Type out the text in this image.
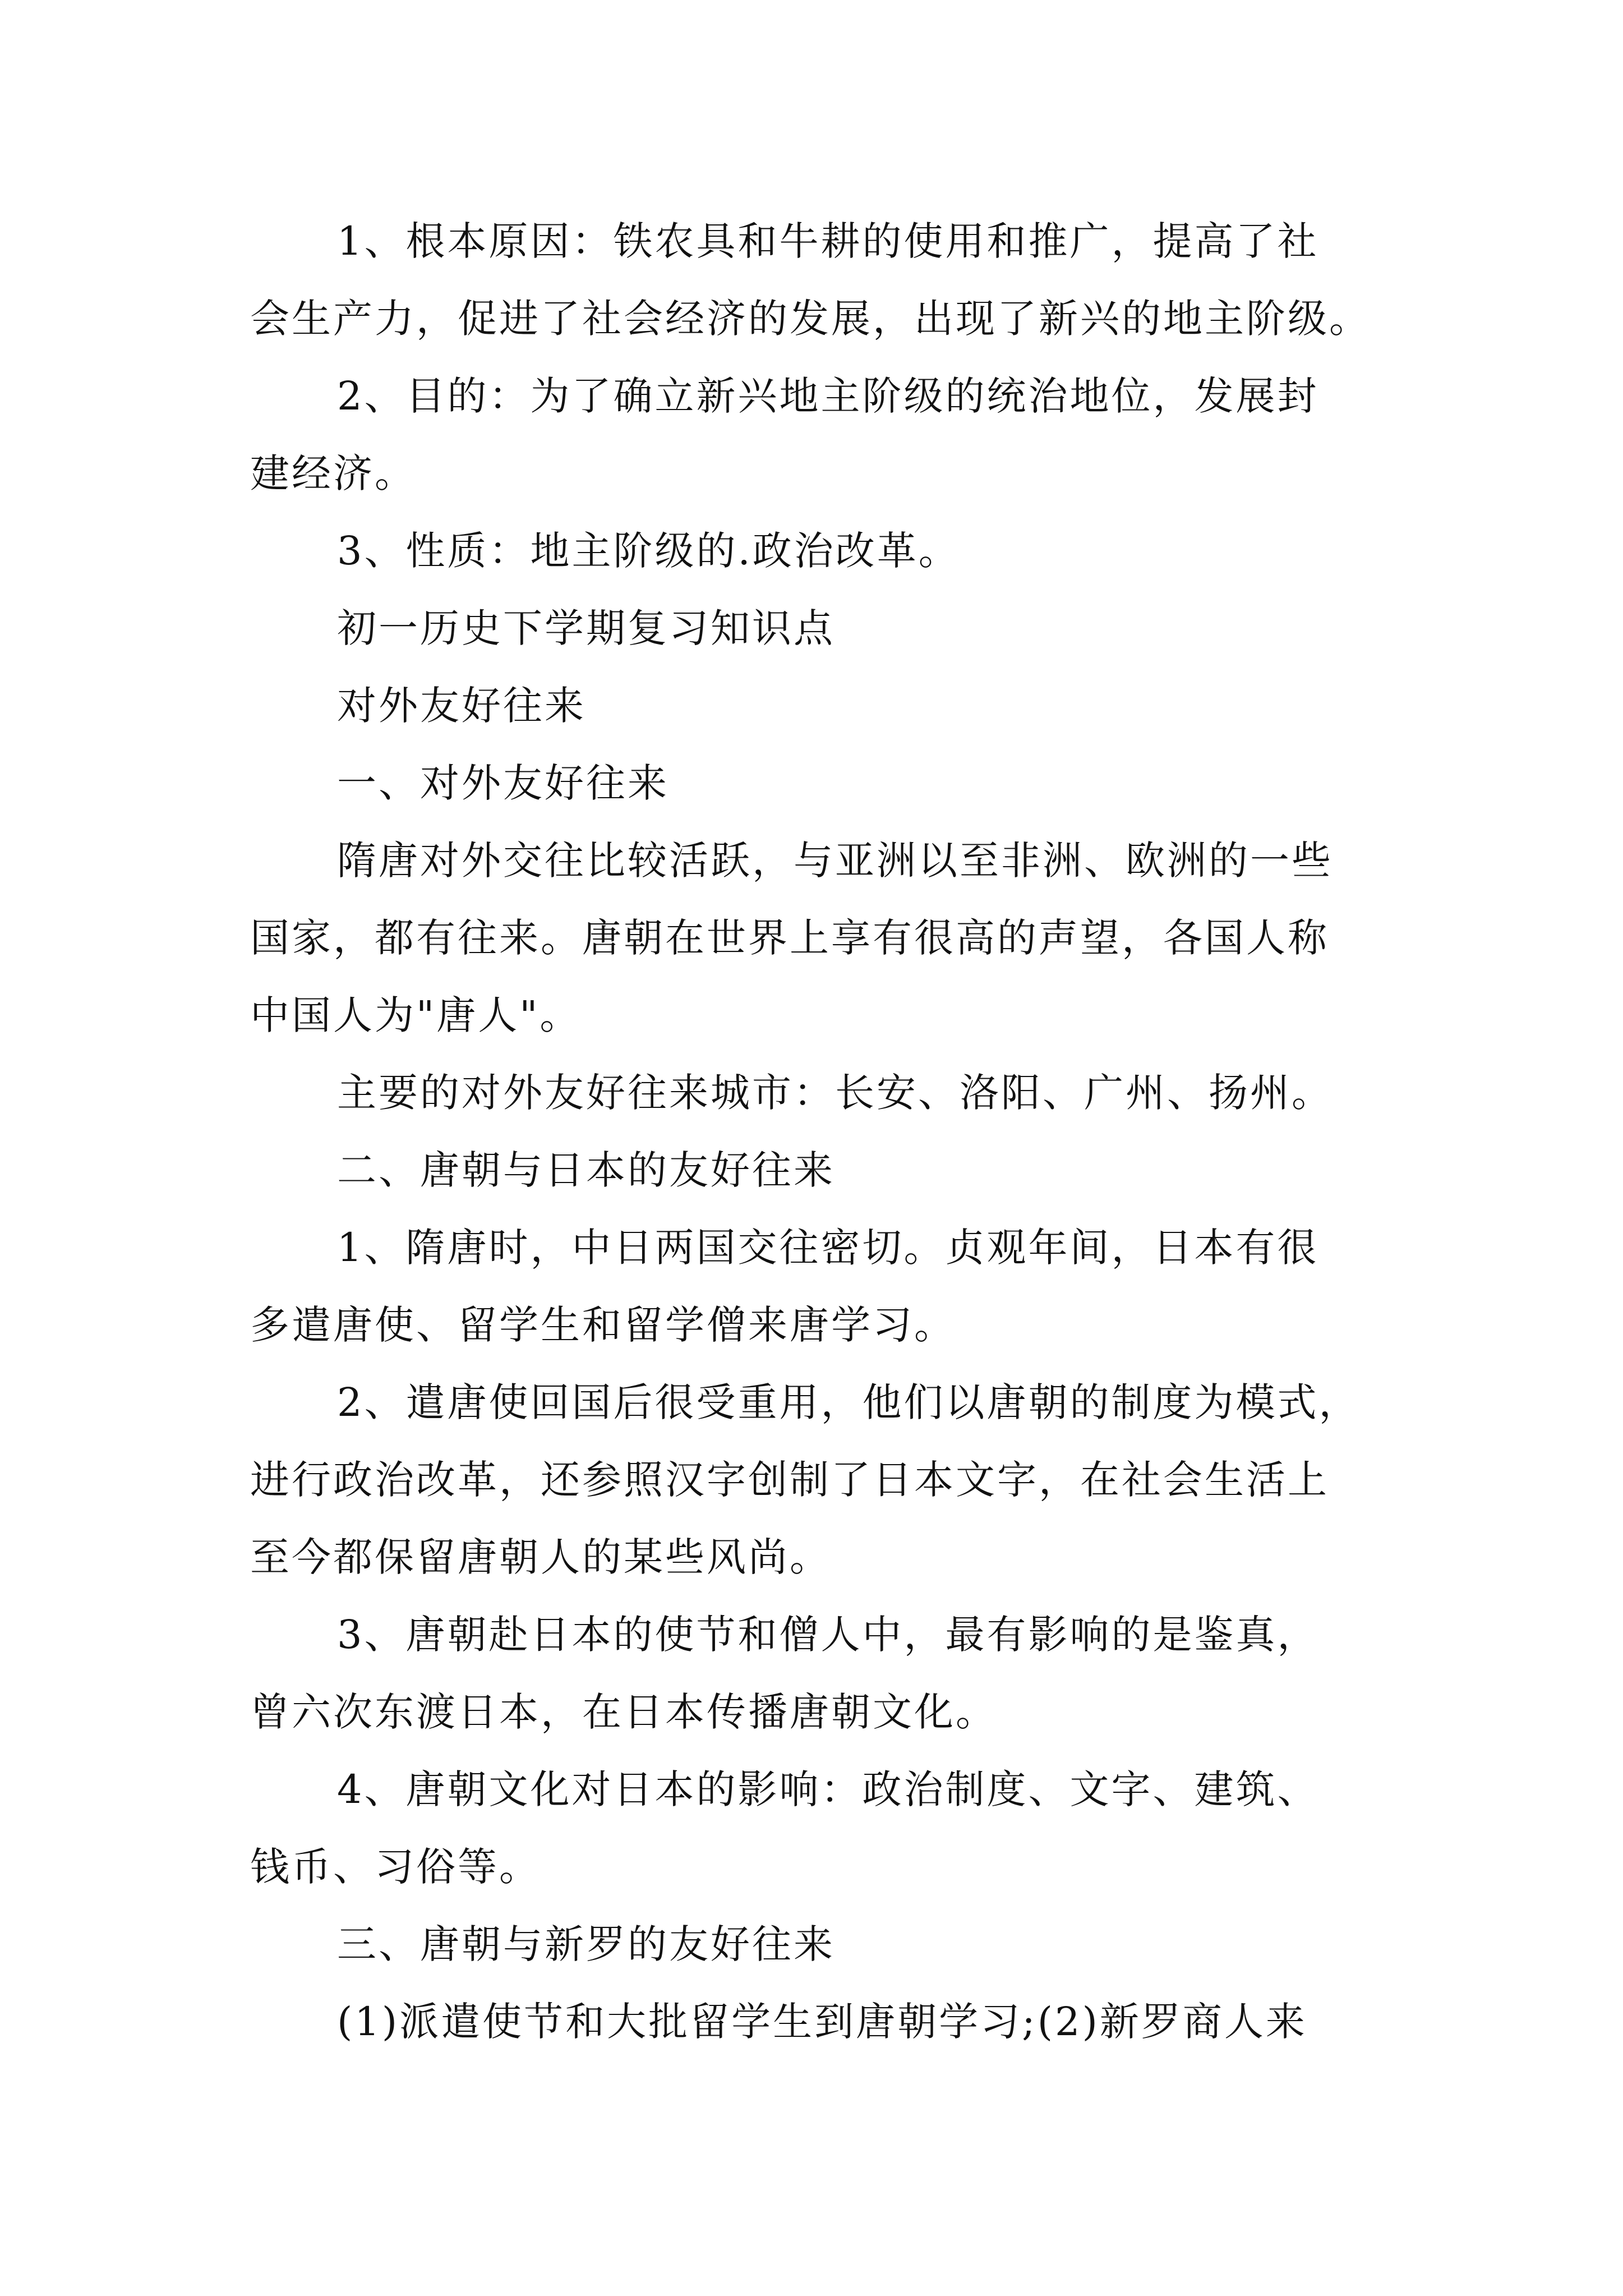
1、根本原因：铁农具和牛耕的使用和推广，提高了社
会生产力，促进了社会经济的发展，出现了新兴的地主阶级。
2、目的：为了确立新兴地主阶级的统治地位，发展封
建经济。
3、性质：地主阶级的.政治改革。
初一历史下学期复习知识点
对外友好往来
一、对外友好往来
隋唐对外交往比较活跃，与亚洲以至非洲、欧洲的一些
国家，都有往来。唐朝在世界上享有很高的声望，各国人称
中国人为"唐人"。
主要的对外友好往来城市：长安、洛阳、广州、扬州。
二、唐朝与日本的友好往来
1、隋唐时，中日两国交往密切。贞观年间，日本有很
多遣唐使、留学生和留学僧来唐学习。
2、遣唐使回国后很受重用，他们以唐朝的制度为模式，
进行政治改革，还参照汉字创制了日本文字，在社会生活上
至今都保留唐朝人的某些风尚。
3、唐朝赴日本的使节和僧人中，最有影响的是鉴真，
曾六次东渡日本，在日本传播唐朝文化。
4、唐朝文化对日本的影响：政治制度、文字、建筑、
钱币、习俗等。
三、唐朝与新罗的友好往来
(1)派遣使节和大批留学生到唐朝学习;(2)新罗商人来
